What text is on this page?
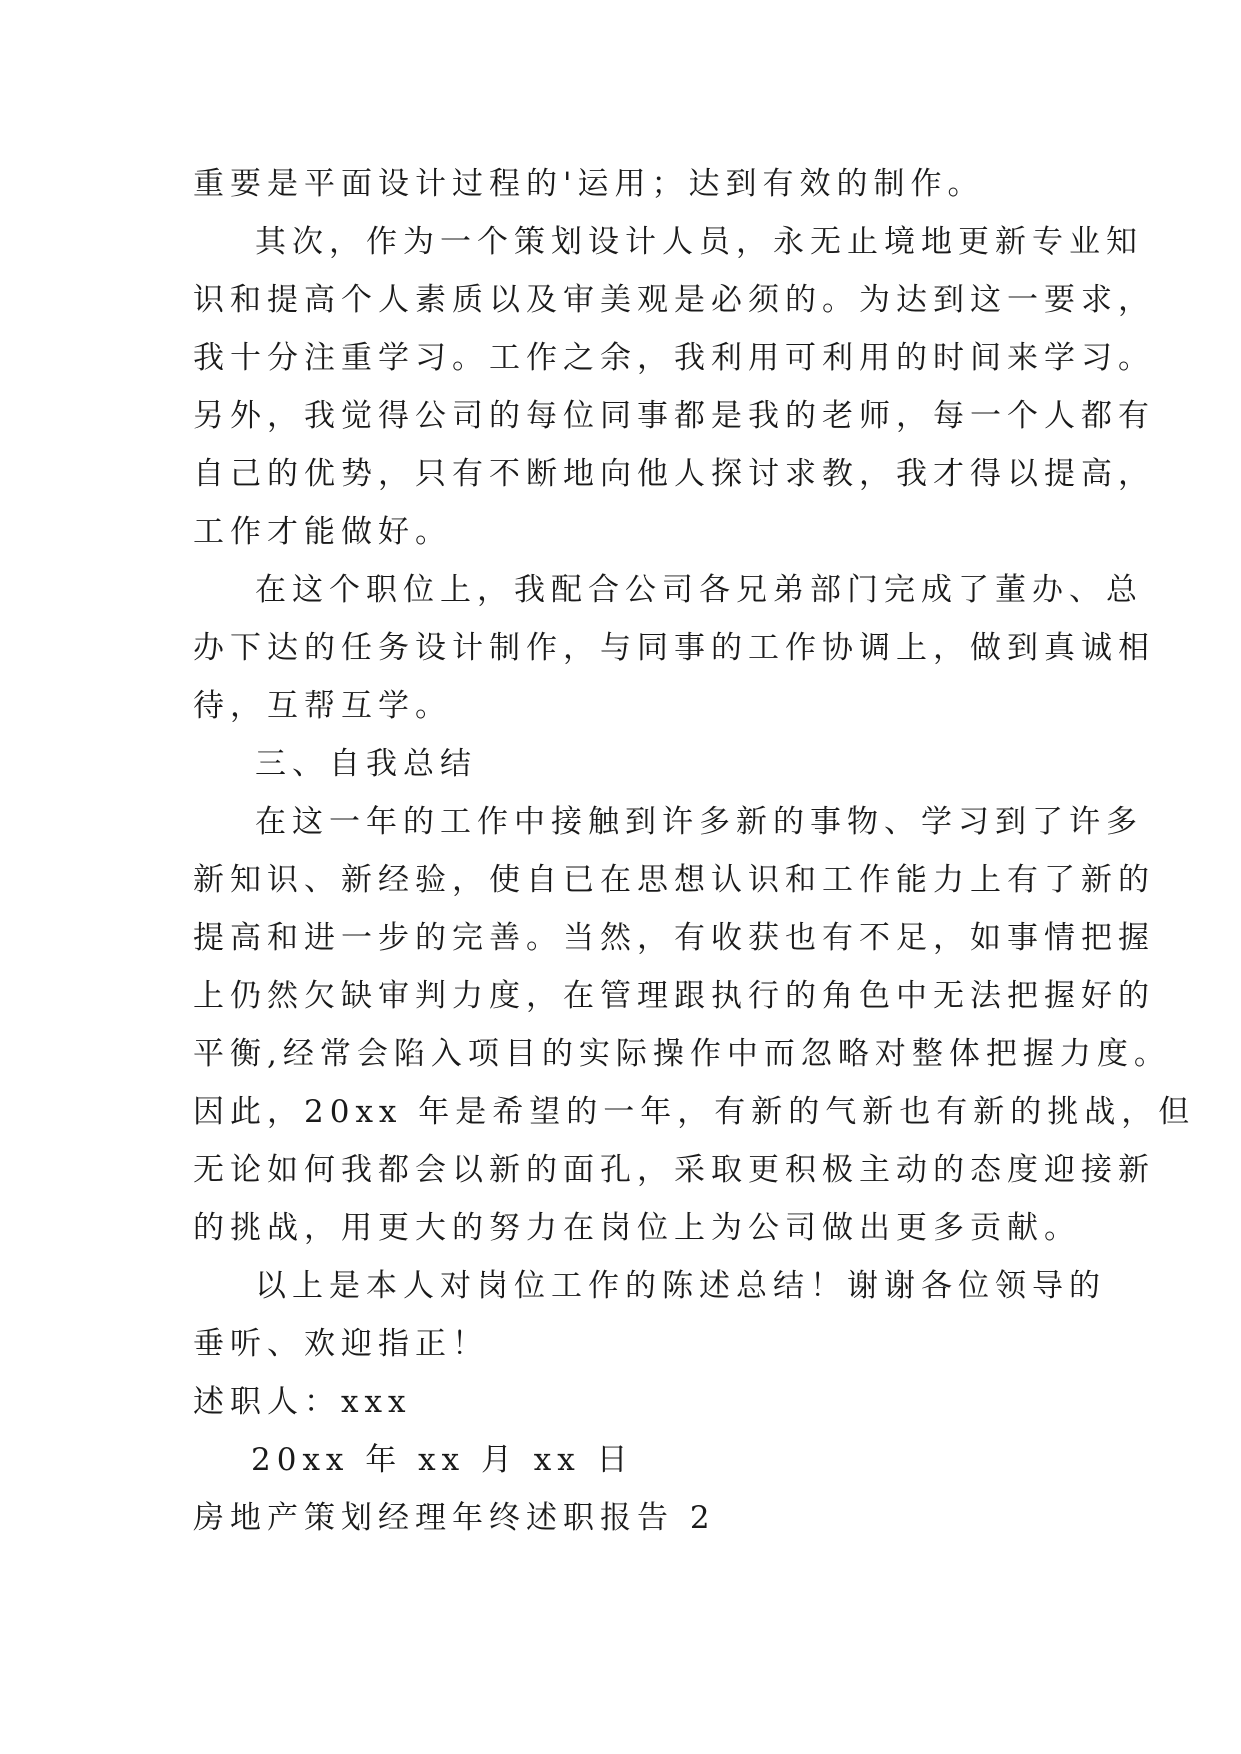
重要是平面设计过程的'运用；达到有效的制作。
其次，作为一个策划设计人员，永无止境地更新专业知
识和提高个人素质以及审美观是必须的。为达到这一要求，
我十分注重学习。工作之余，我利用可利用的时间来学习。
另外，我觉得公司的每位同事都是我的老师，每一个人都有
自己的优势，只有不断地向他人探讨求教，我才得以提高，
工作才能做好。
在这个职位上，我配合公司各兄弟部门完成了董办、总
办下达的任务设计制作，与同事的工作协调上，做到真诚相
待，互帮互学。
三、自我总结
在这一年的工作中接触到许多新的事物、学习到了许多
新知识、新经验，使自已在思想认识和工作能力上有了新的
提高和进一步的完善。当然，有收获也有不足，如事情把握
上仍然欠缺审判力度，在管理跟执行的角色中无法把握好的
平衡,经常会陷入项目的实际操作中而忽略对整体把握力度。
因此，20xx 年是希望的一年，有新的气新也有新的挑战，但
无论如何我都会以新的面孔，采取更积极主动的态度迎接新
的挑战，用更大的努力在岗位上为公司做出更多贡献。
以上是本人对岗位工作的陈述总结！谢谢各位领导的
垂听、欢迎指正！
述职人：xxx
20xx 年 xx 月 xx 日
房地产策划经理年终述职报告 2
